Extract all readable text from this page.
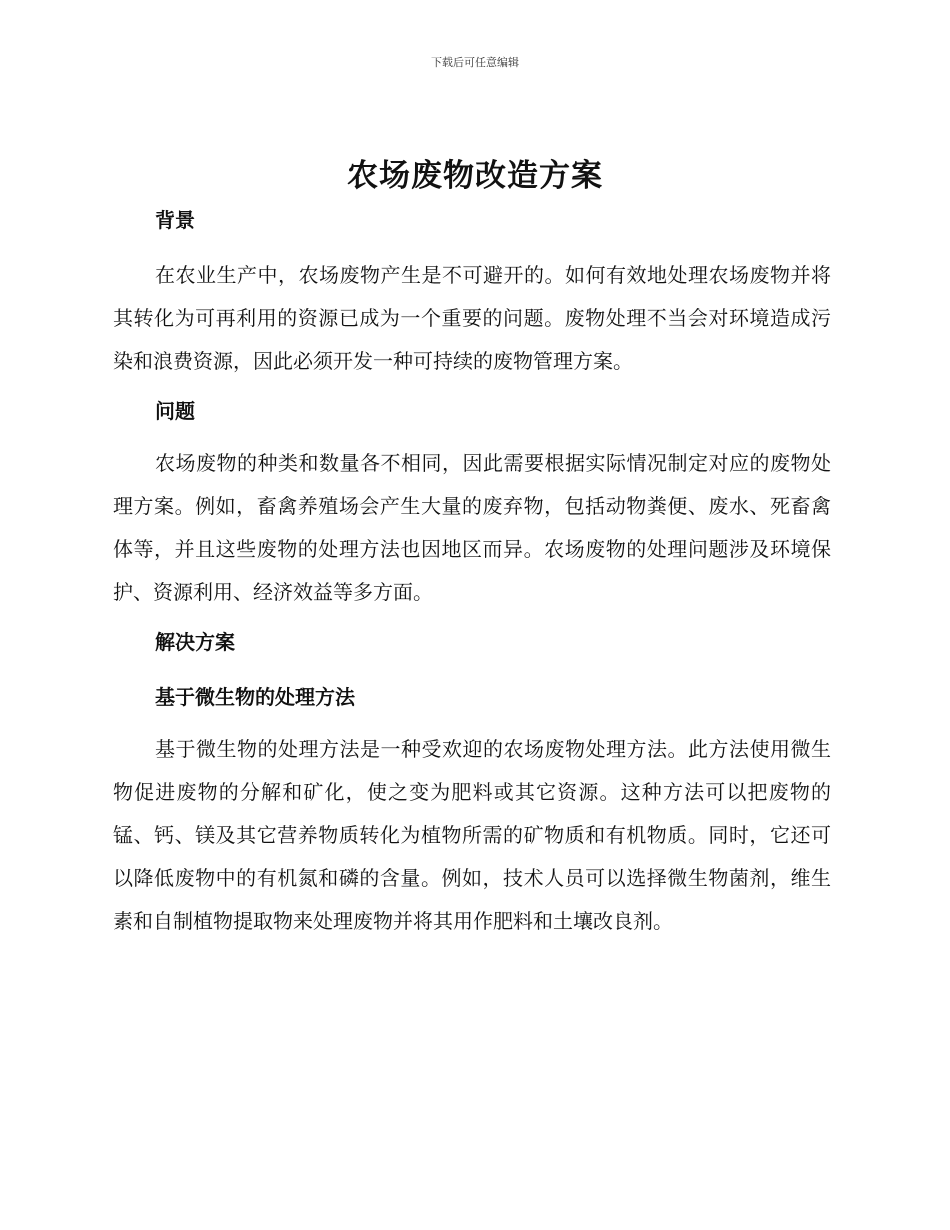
下载后可任意编辑
农场废物改造方案
背景

在农业生产中，农场废物产生是不可避开的。如何有效地处理农场废物并将其转化为可再利用的资源已成为一个重要的问题。废物处理不当会对环境造成污染和浪费资源，因此必须开发一种可持续的废物管理方案。

问题

农场废物的种类和数量各不相同，因此需要根据实际情况制定对应的废物处理方案。例如，畜禽养殖场会产生大量的废弃物，包括动物粪便、废水、死畜禽体等，并且这些废物的处理方法也因地区而异。农场废物的处理问题涉及环境保护、资源利用、经济效益等多方面。

解决方案
基于微生物的处理方法

基于微生物的处理方法是一种受欢迎的农场废物处理方法。此方法使用微生物促进废物的分解和矿化，使之变为肥料或其它资源。这种方法可以把废物的锰、钙、镁及其它营养物质转化为植物所需的矿物质和有机物质。同时，它还可以降低废物中的有机氮和磷的含量。例如，技术人员可以选择微生物菌剂，维生素和自制植物提取物来处理废物并将其用作肥料和土壤改良剂。
